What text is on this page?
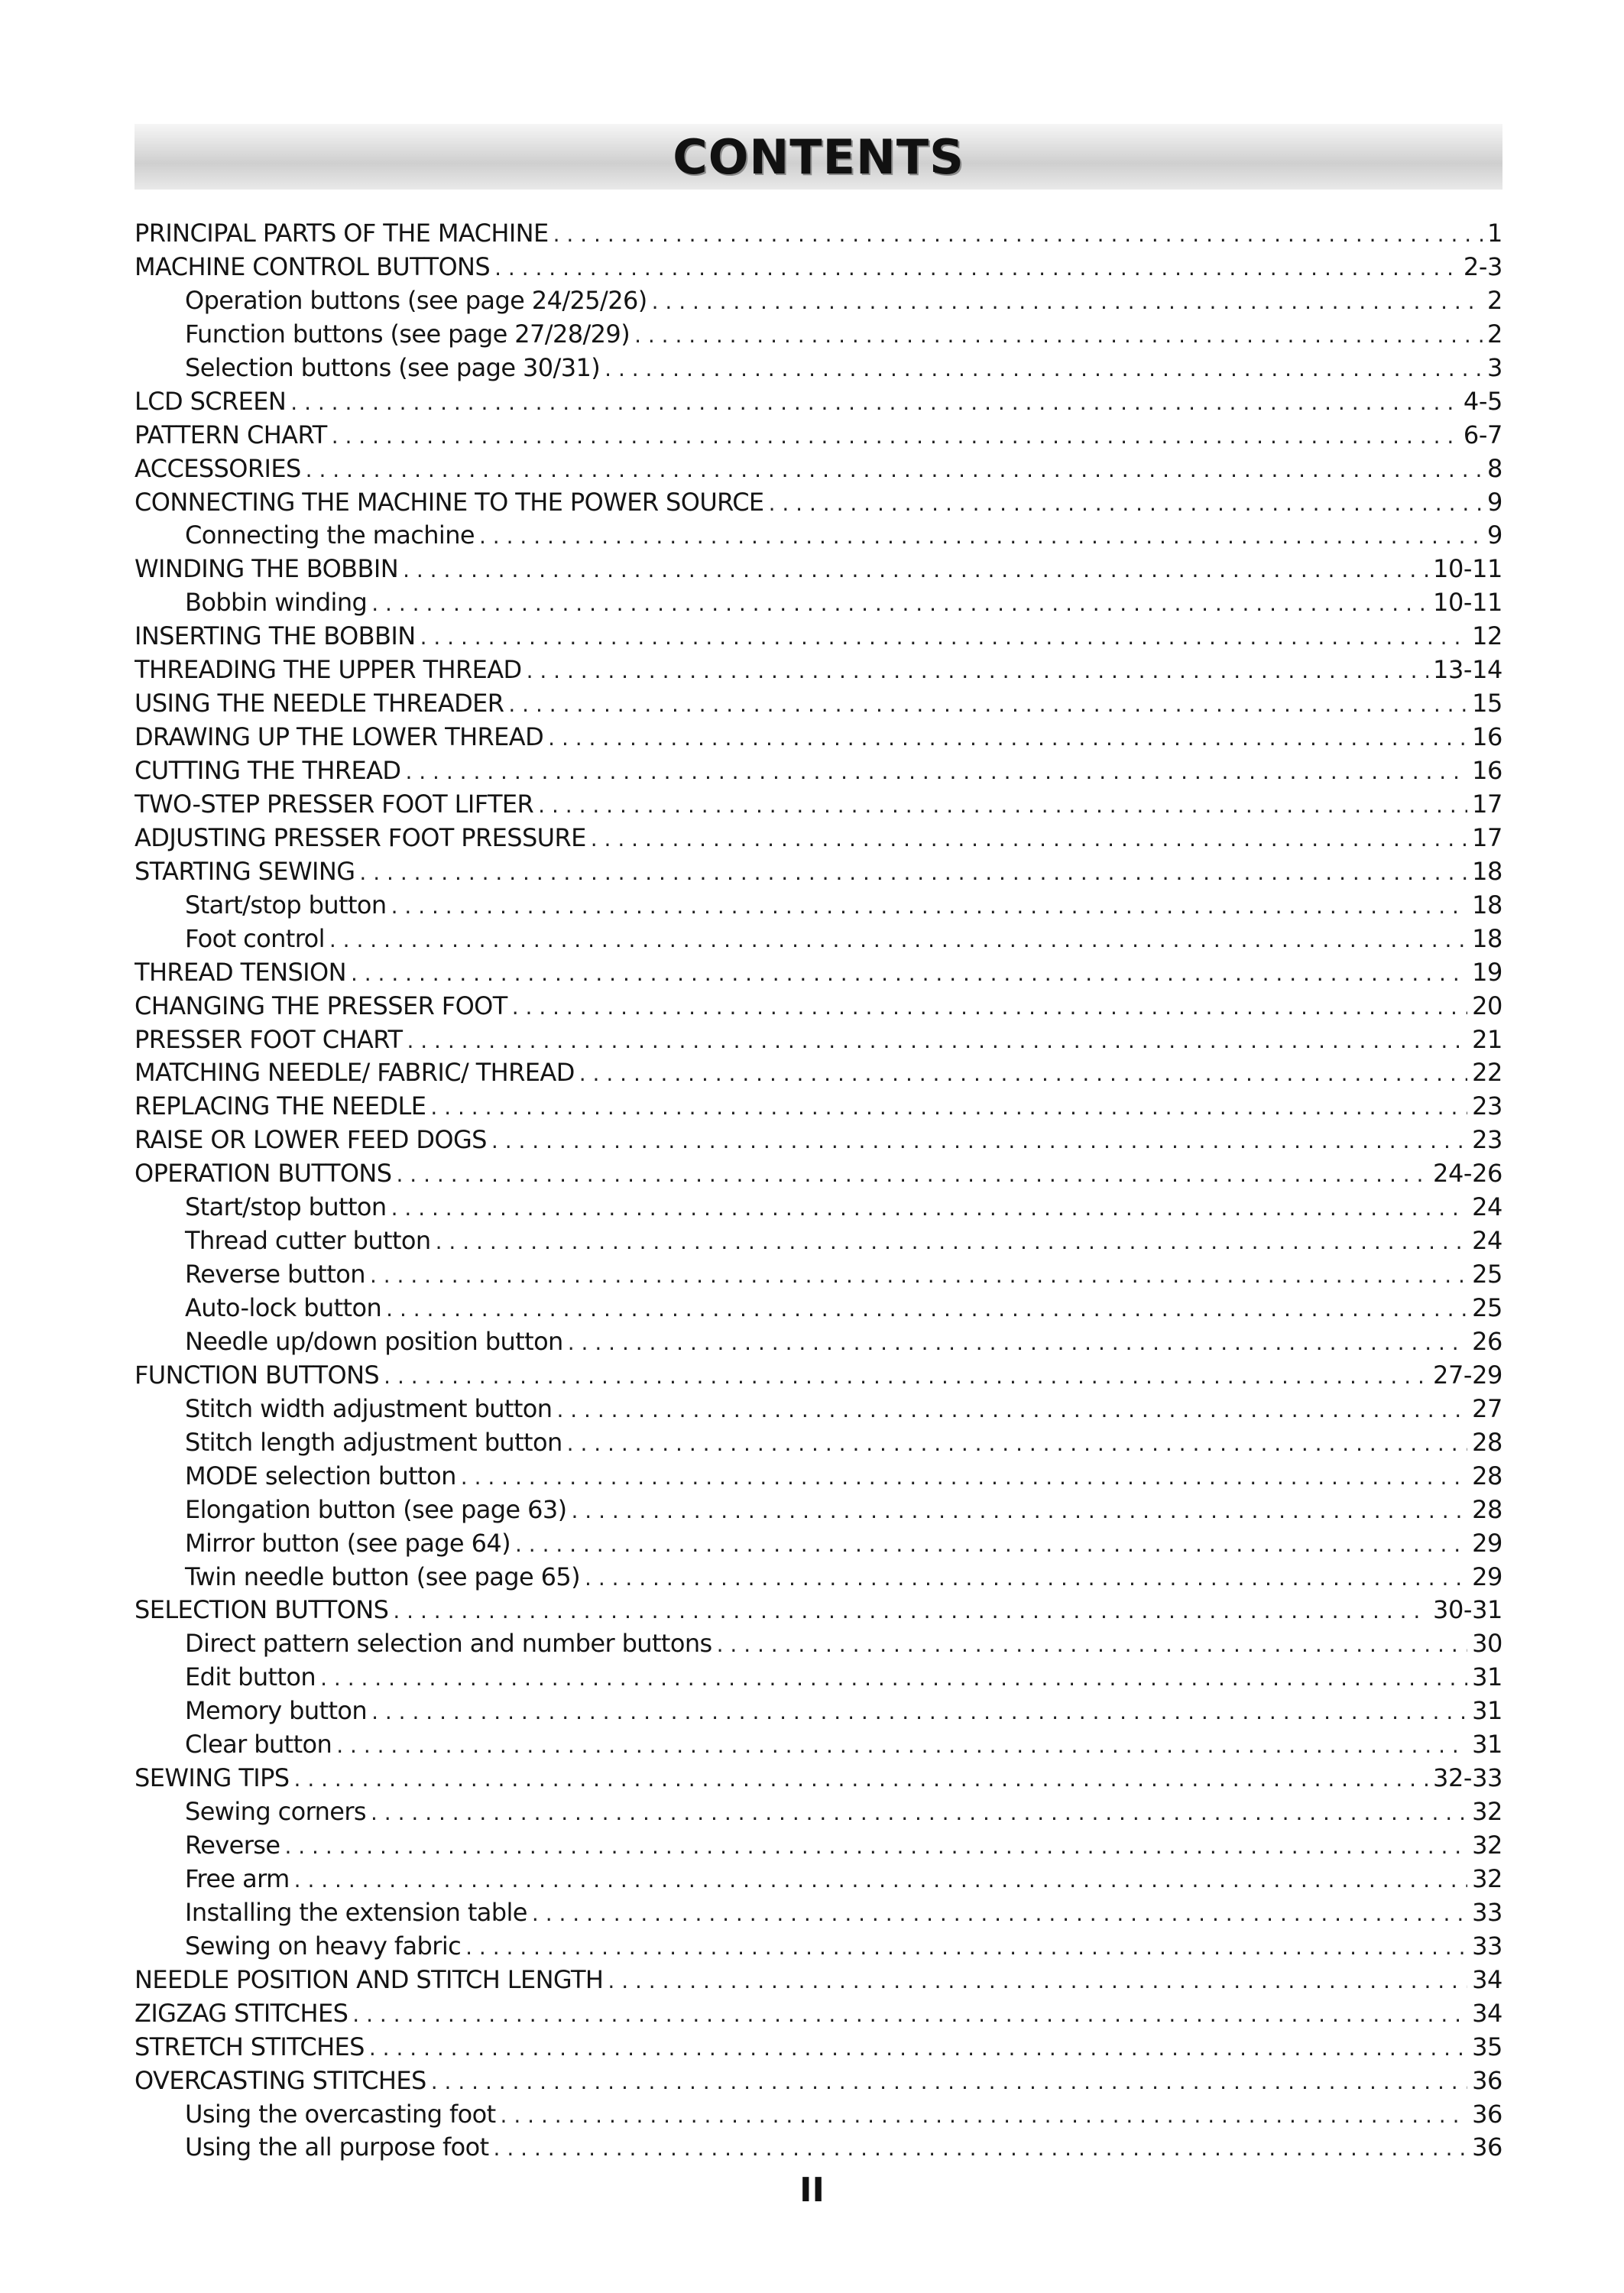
CONTENTS
PRINCIPAL PARTS OF THE MACHINE . . .	1
MACHINE CONTROL BUTTONS . . .	2-3
Operation buttons (see page 24/25/26) . . .	2
Function buttons (see page 27/28/29) . . .	2
Selection buttons (see page 30/31) . . .	3
LCD SCREEN . . .	4-5
PATTERN CHART . . .	6-7
ACCESSORIES . . .	8
CONNECTING THE MACHINE TO THE POWER SOURCE . . .	9
Connecting the machine . . .	9
WINDING THE BOBBIN . . .	10-11
Bobbin winding . . .	10-11
INSERTING THE BOBBIN . . .	12
THREADING THE UPPER THREAD . . .	13-14
USING THE NEEDLE THREADER . . .	15
DRAWING UP THE LOWER THREAD . . .	16
CUTTING THE THREAD . . .	16
TWO-STEP PRESSER FOOT LIFTER . . .	17
ADJUSTING PRESSER FOOT PRESSURE . . .	17
STARTING SEWING . . .	18
Start/stop button . . .	18
Foot control . . .	18
THREAD TENSION . . .	19
CHANGING THE PRESSER FOOT . . .	20
PRESSER FOOT CHART . . .	21
MATCHING NEEDLE/ FABRIC/ THREAD . . .	22
REPLACING THE NEEDLE . . .	23
RAISE OR LOWER FEED DOGS . . .	23
OPERATION BUTTONS . . .	24-26
Start/stop button . . .	24
Thread cutter button . . .	24
Reverse button . . .	25
Auto-lock button . . .	25
Needle up/down position button . . .	26
FUNCTION BUTTONS . . .	27-29
Stitch width adjustment button . . .	27
Stitch length adjustment button . . .	28
MODE selection button . . .	28
Elongation button (see page 63) . . .	28
Mirror button (see page 64) . . .	29
Twin needle button (see page 65) . . .	29
SELECTION BUTTONS . . .	30-31
Direct pattern selection and number buttons . . .	30
Edit button . . .	31
Memory button . . .	31
Clear button . . .	31
SEWING TIPS . . .	32-33
Sewing corners . . .	32
Reverse . . .	32
Free arm . . .	32
Installing the extension table . . .	33
Sewing on heavy fabric . . .	33
NEEDLE POSITION AND STITCH LENGTH . . .	34
ZIGZAG STITCHES . . .	34
STRETCH STITCHES . . .	35
OVERCASTING STITCHES . . .	36
Using the overcasting foot . . .	36
Using the all purpose foot . . .	36
II
